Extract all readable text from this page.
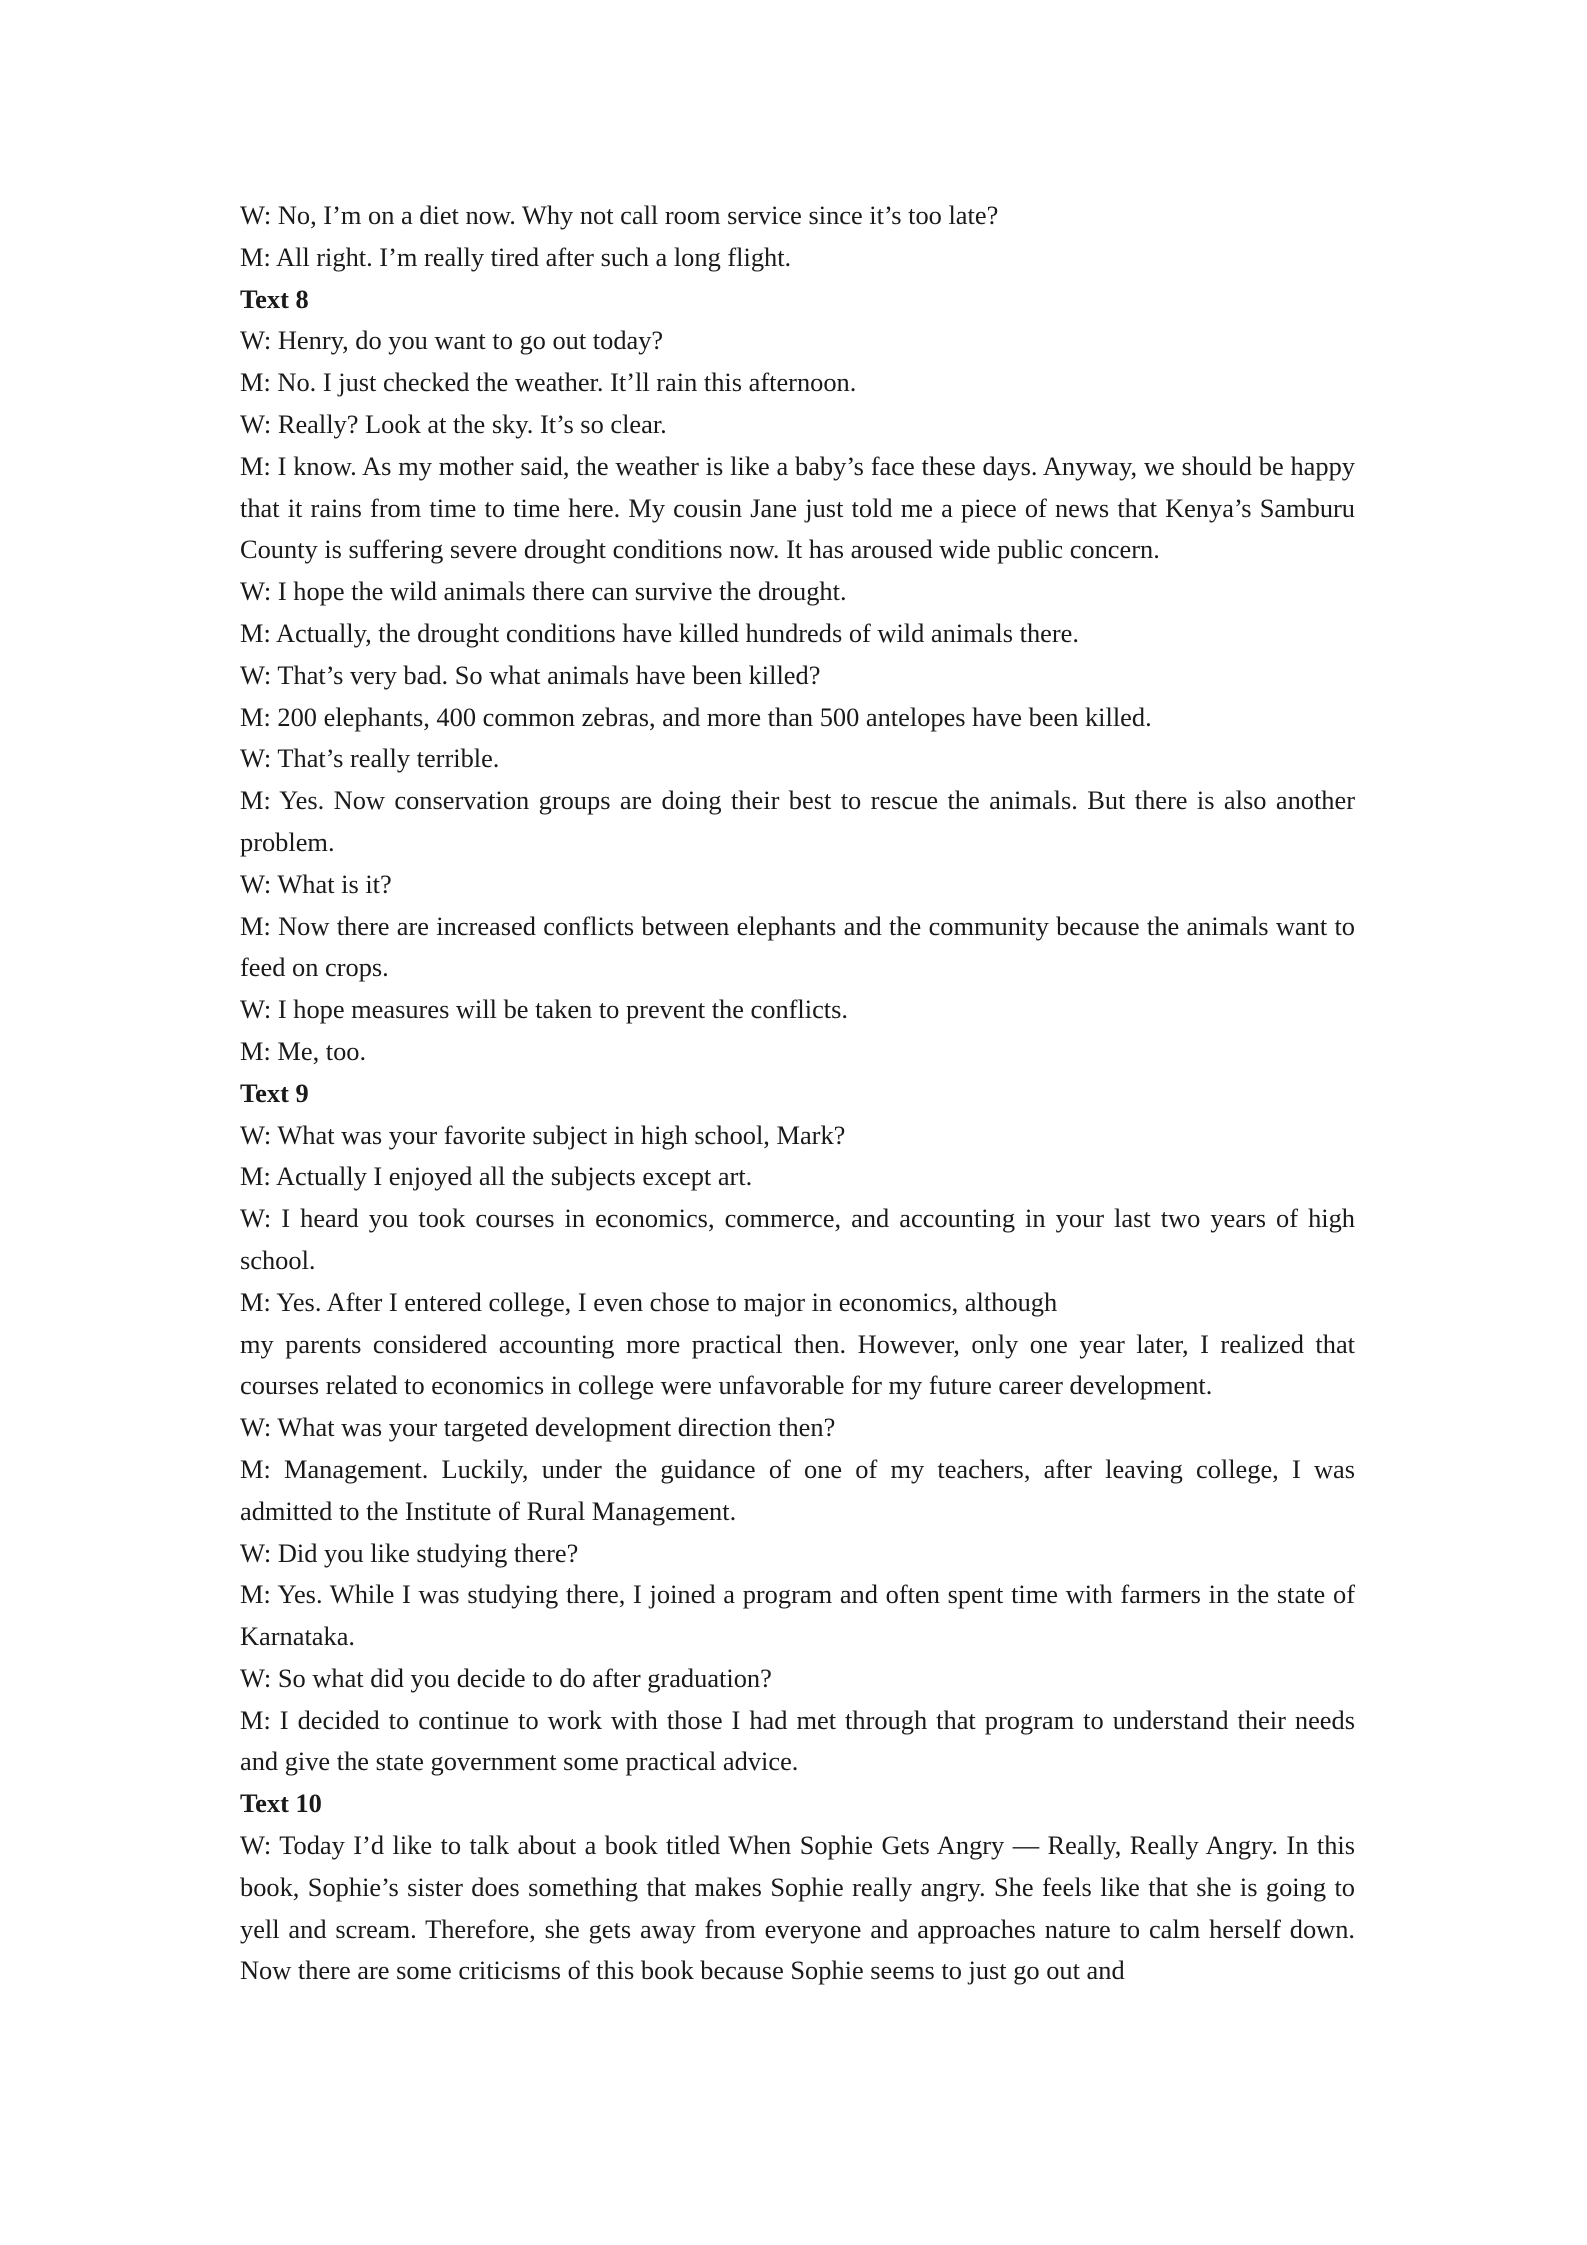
W: No, I’m on a diet now. Why not call room service since it’s too late?

M: All right. I’m really tired after such a long flight.

Text 8

W: Henry, do you want to go out today?

M: No. I just checked the weather. It’ll rain this afternoon.

W: Really? Look at the sky. It’s so clear.

M: I know. As my mother said, the weather is like a baby’s face these days. Anyway, we should be happy that it rains from time to time here. My cousin Jane just told me a piece of news that Kenya’s Samburu County is suffering severe drought conditions now. It has aroused wide public concern.

W: I hope the wild animals there can survive the drought.

M: Actually, the drought conditions have killed hundreds of wild animals there.

W: That’s very bad. So what animals have been killed?

M: 200 elephants, 400 common zebras, and more than 500 antelopes have been killed.

W: That’s really terrible.

M: Yes. Now conservation groups are doing their best to rescue the animals. But there is also another problem.

W: What is it?

M: Now there are increased conflicts between elephants and the community because the animals want to feed on crops.

W: I hope measures will be taken to prevent the conflicts.

M: Me, too.

Text 9

W: What was your favorite subject in high school, Mark?

M: Actually I enjoyed all the subjects except art.

W: I heard you took courses in economics, commerce, and accounting in your last two years of high school.

M: Yes. After I entered college, I even chose to major in economics, although

my parents considered accounting more practical then. However, only one year later, I realized that courses related to economics in college were unfavorable for my future career development.

W: What was your targeted development direction then?

M: Management. Luckily, under the guidance of one of my teachers, after leaving college, I was admitted to the Institute of Rural Management.

W: Did you like studying there?

M: Yes. While I was studying there, I joined a program and often spent time with farmers in the state of Karnataka.

W: So what did you decide to do after graduation?

M: I decided to continue to work with those I had met through that program to understand their needs and give the state government some practical advice.

Text 10

W: Today I’d like to talk about a book titled When Sophie Gets Angry — Really, Really Angry. In this book, Sophie’s sister does something that makes Sophie really angry. She feels like that she is going to yell and scream. Therefore, she gets away from everyone and approaches nature to calm herself down. Now there are some criticisms of this book because Sophie seems to just go out and
